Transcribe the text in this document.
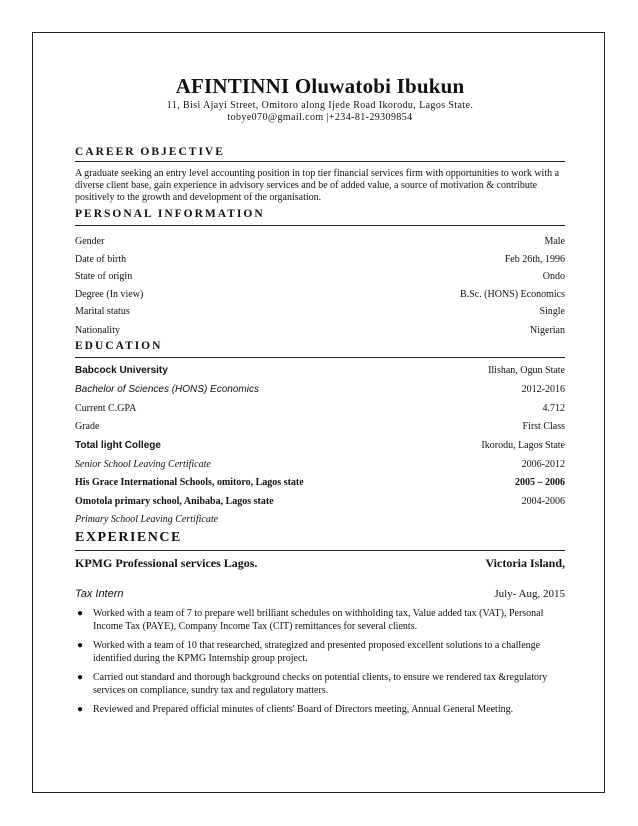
AFINTINNI Oluwatobi Ibukun
11, Bisi Ajayi Street, Omitoro along Ijede Road Ikorodu, Lagos State.
tobye070@gmail.com |+234-81-29309854
CAREER OBJECTIVE
A graduate seeking an entry level accounting position in top tier financial services firm with opportunities to work with a diverse client base, gain experience in advisory services and be of added value, a source of motivation & contribute positively to the growth and development of the organisation.
PERSONAL INFORMATION
Gender	Male
Date of birth	Feb 26th, 1996
State of origin	Ondo
Degree (In view)	B.Sc. (HONS) Economics
Marital status	Single
Nationality	Nigerian
EDUCATION
Babcock University	Ilishan, Ogun State
Bachelor of Sciences (HONS) Economics	2012-2016
Current C.GPA	4.712
Grade	First Class
Total light College	Ikorodu, Lagos State
Senior School Leaving Certificate	2006-2012
His Grace International Schools, omitoro, Lagos state	2005 – 2006
Omotola primary school, Anibaba, Lagos state	2004-2006
Primary School Leaving Certificate
EXPERIENCE
KPMG Professional services Lagos.	Victoria Island,
Tax Intern	July- Aug, 2015
● Worked with a team of 7 to prepare well brilliant schedules on withholding tax, Value added tax (VAT), Personal Income Tax (PAYE), Company Income Tax (CIT) remittances for several clients.
● Worked with a team of 10 that researched, strategized and presented proposed excellent solutions to a challenge identified during the KPMG Internship group project.
● Carried out standard and thorough background checks on potential clients, to ensure we rendered tax &regulatory services on compliance, sundry tax and regulatory matters.
● Reviewed and Prepared official minutes of clients' Board of Directors meeting, Annual General Meeting.
